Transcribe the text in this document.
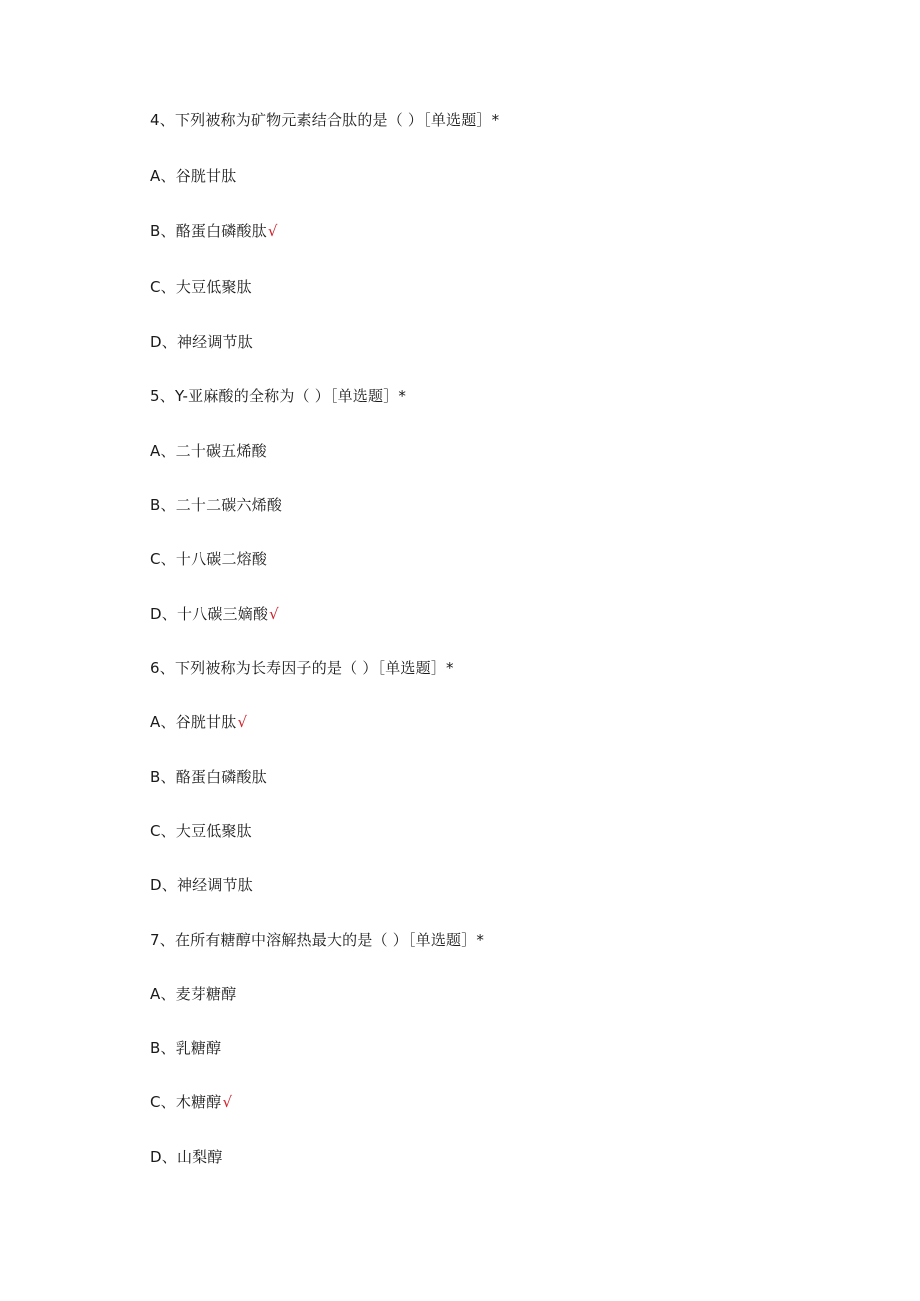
4、下列被称为矿物元素结合肽的是（ ）［单选题］*
A、谷胱甘肽
B、酪蛋白磷酸肽√
C、大豆低聚肽
D、神经调节肽
5、Y-亚麻酸的全称为（ ）［单选题］*
A、二十碳五烯酸
B、二十二碳六烯酸
C、十八碳二熔酸
D、十八碳三嫡酸√
6、下列被称为长寿因子的是（ ）［单选题］*
A、谷胱甘肽√
B、酪蛋白磷酸肽
C、大豆低聚肽
D、神经调节肽
7、在所有糖醇中溶解热最大的是（ ）［单选题］*
A、麦芽糖醇
B、乳糖醇
C、木糖醇√
D、山梨醇
